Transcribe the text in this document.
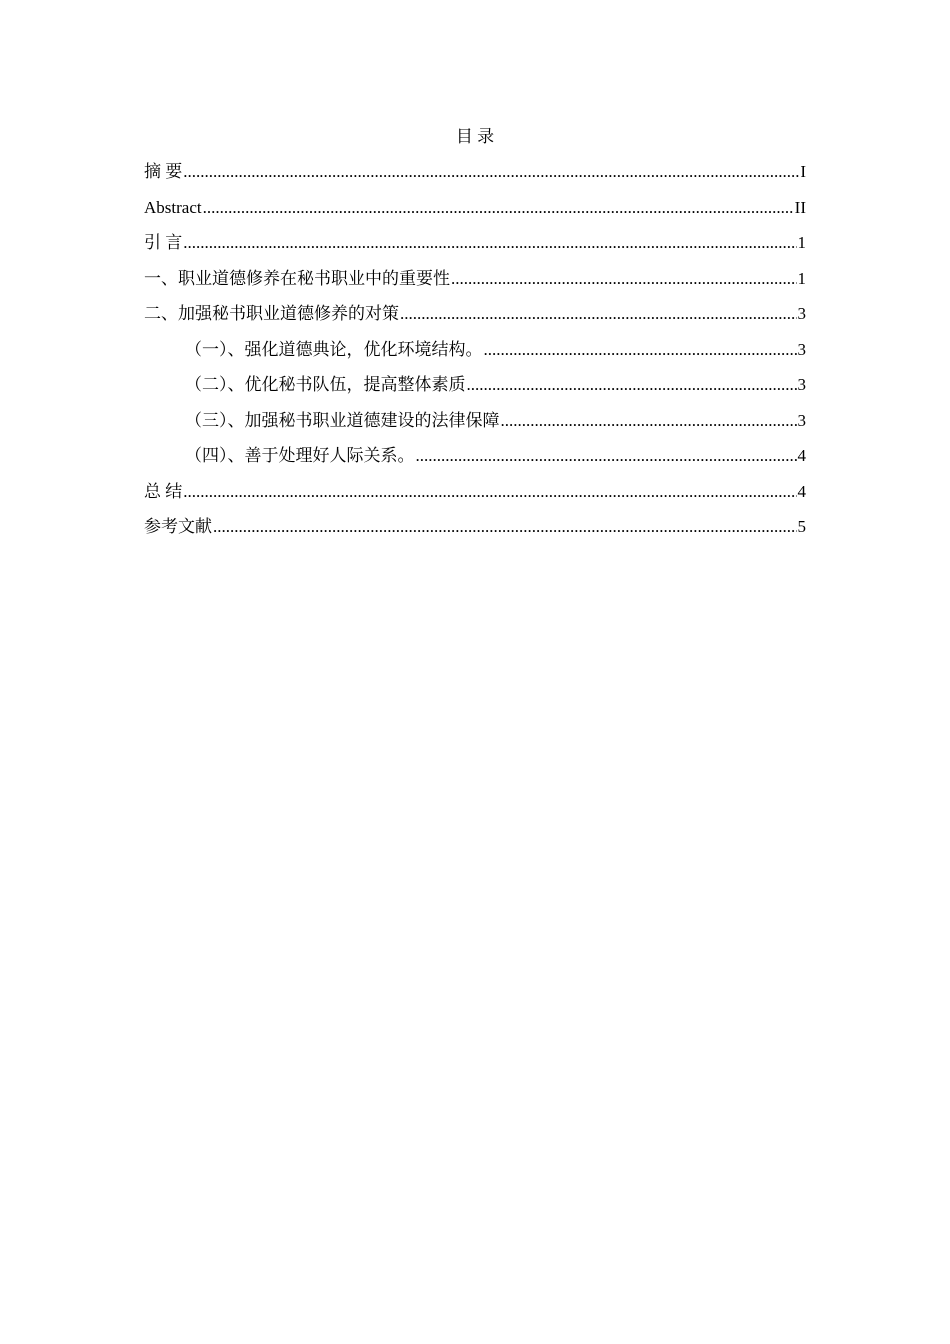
目 录
摘 要 .....	I
Abstract .....	II
引 言 .....	1
一、职业道德修养在秘书职业中的重要性 .....	1
二、加强秘书职业道德修养的对策 .....	3
（一）、强化道德典论，优化环境结构。 .....	3
（二）、优化秘书队伍，提高整体素质 .....	3
（三）、加强秘书职业道德建设的法律保障 .....	3
（四）、善于处理好人际关系。 .....	4
总 结 .....	4
参考文献 .....	5
